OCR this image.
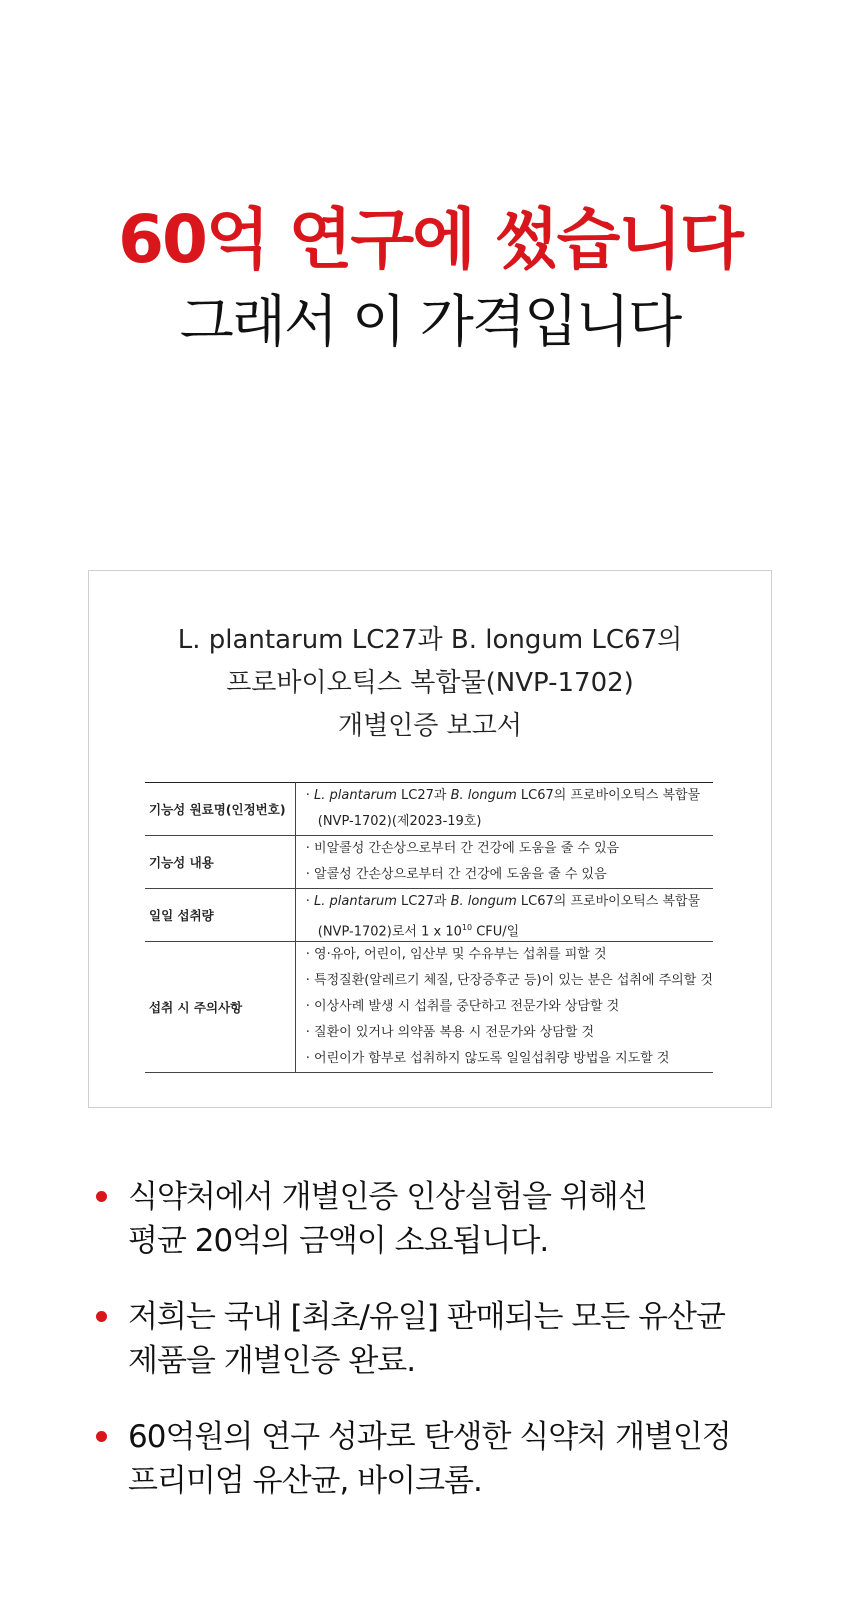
60억 연구에 썼습니다
그래서 이 가격입니다
L. plantarum LC27과 B. longum LC67의
프로바이오틱스 복합물(NVP-1702)
개별인증 보고서
기능성 원료명(인정번호)	· L. plantarum LC27과 B. longum LC67의 프로바이오틱스 복합물
(NVP-1702)(제2023-19호)

기능성 내용	· 비알콜성 간손상으로부터 간 건강에 도움을 줄 수 있음
· 알콜성 간손상으로부터 간 건강에 도움을 줄 수 있음

일일 섭취량	· L. plantarum LC27과 B. longum LC67의 프로바이오틱스 복합물
(NVP-1702)로서 1 x $10^{10}$ CFU/일

섭취 시 주의사항	· 영·유아, 어린이, 임산부 및 수유부는 섭취를 피할 것
· 특정질환(알레르기 체질, 단장증후군 등)이 있는 분은 섭취에 주의할 것
· 이상사례 발생 시 섭취를 중단하고 전문가와 상담할 것
· 질환이 있거나 의약품 복용 시 전문가와 상담할 것
· 어린이가 함부로 섭취하지 않도록 일일섭취량 방법을 지도할 것
식약처에서 개별인증 인상실험을 위해선
평균 20억의 금액이 소요됩니다.
저희는 국내 [최초/유일] 판매되는 모든 유산균
제품을 개별인증 완료.
60억원의 연구 성과로 탄생한 식약처 개별인정
프리미엄 유산균, 바이크롬.
